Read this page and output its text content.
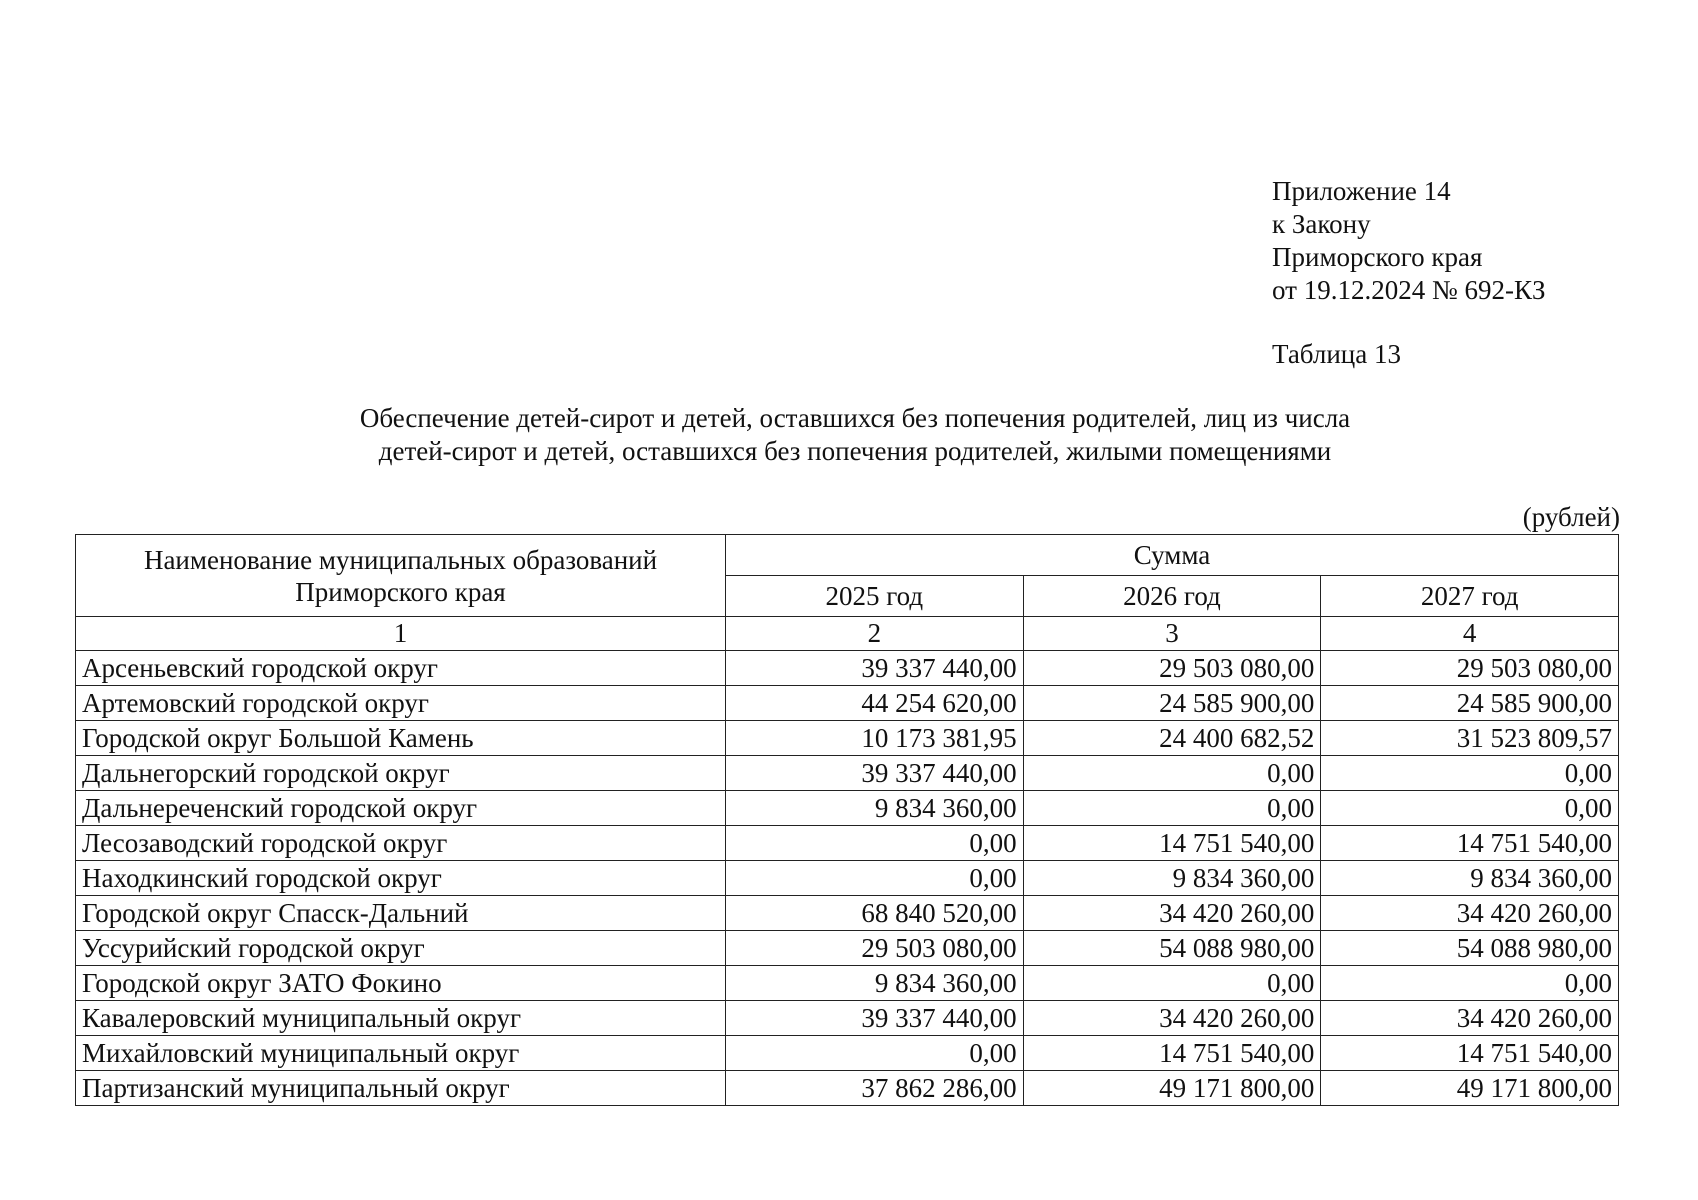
Приложение 14
к Закону
Приморского края
от 19.12.2024 № 692-КЗ
Таблица 13
Обеспечение детей-сирот и детей, оставшихся без попечения родителей, лиц из числа
детей-сирот и детей, оставшихся без попечения родителей, жилыми помещениями
(рублей)
Наименование муниципальных образований Приморского края	Сумма		
	2025 год	2026 год	2027 год
1	2	3	4
Арсеньевский городской округ	39 337 440,00	29 503 080,00	29 503 080,00
Артемовский городской округ	44 254 620,00	24 585 900,00	24 585 900,00
Городской округ Большой Камень	10 173 381,95	24 400 682,52	31 523 809,57
Дальнегорский городской округ	39 337 440,00	0,00	0,00
Дальнереченский городской округ	9 834 360,00	0,00	0,00
Лесозаводский городской округ	0,00	14 751 540,00	14 751 540,00
Находкинский городской округ	0,00	9 834 360,00	9 834 360,00
Городской округ Спасск-Дальний	68 840 520,00	34 420 260,00	34 420 260,00
Уссурийский городской округ	29 503 080,00	54 088 980,00	54 088 980,00
Городской округ ЗАТО Фокино	9 834 360,00	0,00	0,00
Кавалеровский муниципальный округ	39 337 440,00	34 420 260,00	34 420 260,00
Михайловский муниципальный округ	0,00	14 751 540,00	14 751 540,00
Партизанский муниципальный округ	37 862 286,00	49 171 800,00	49 171 800,00
